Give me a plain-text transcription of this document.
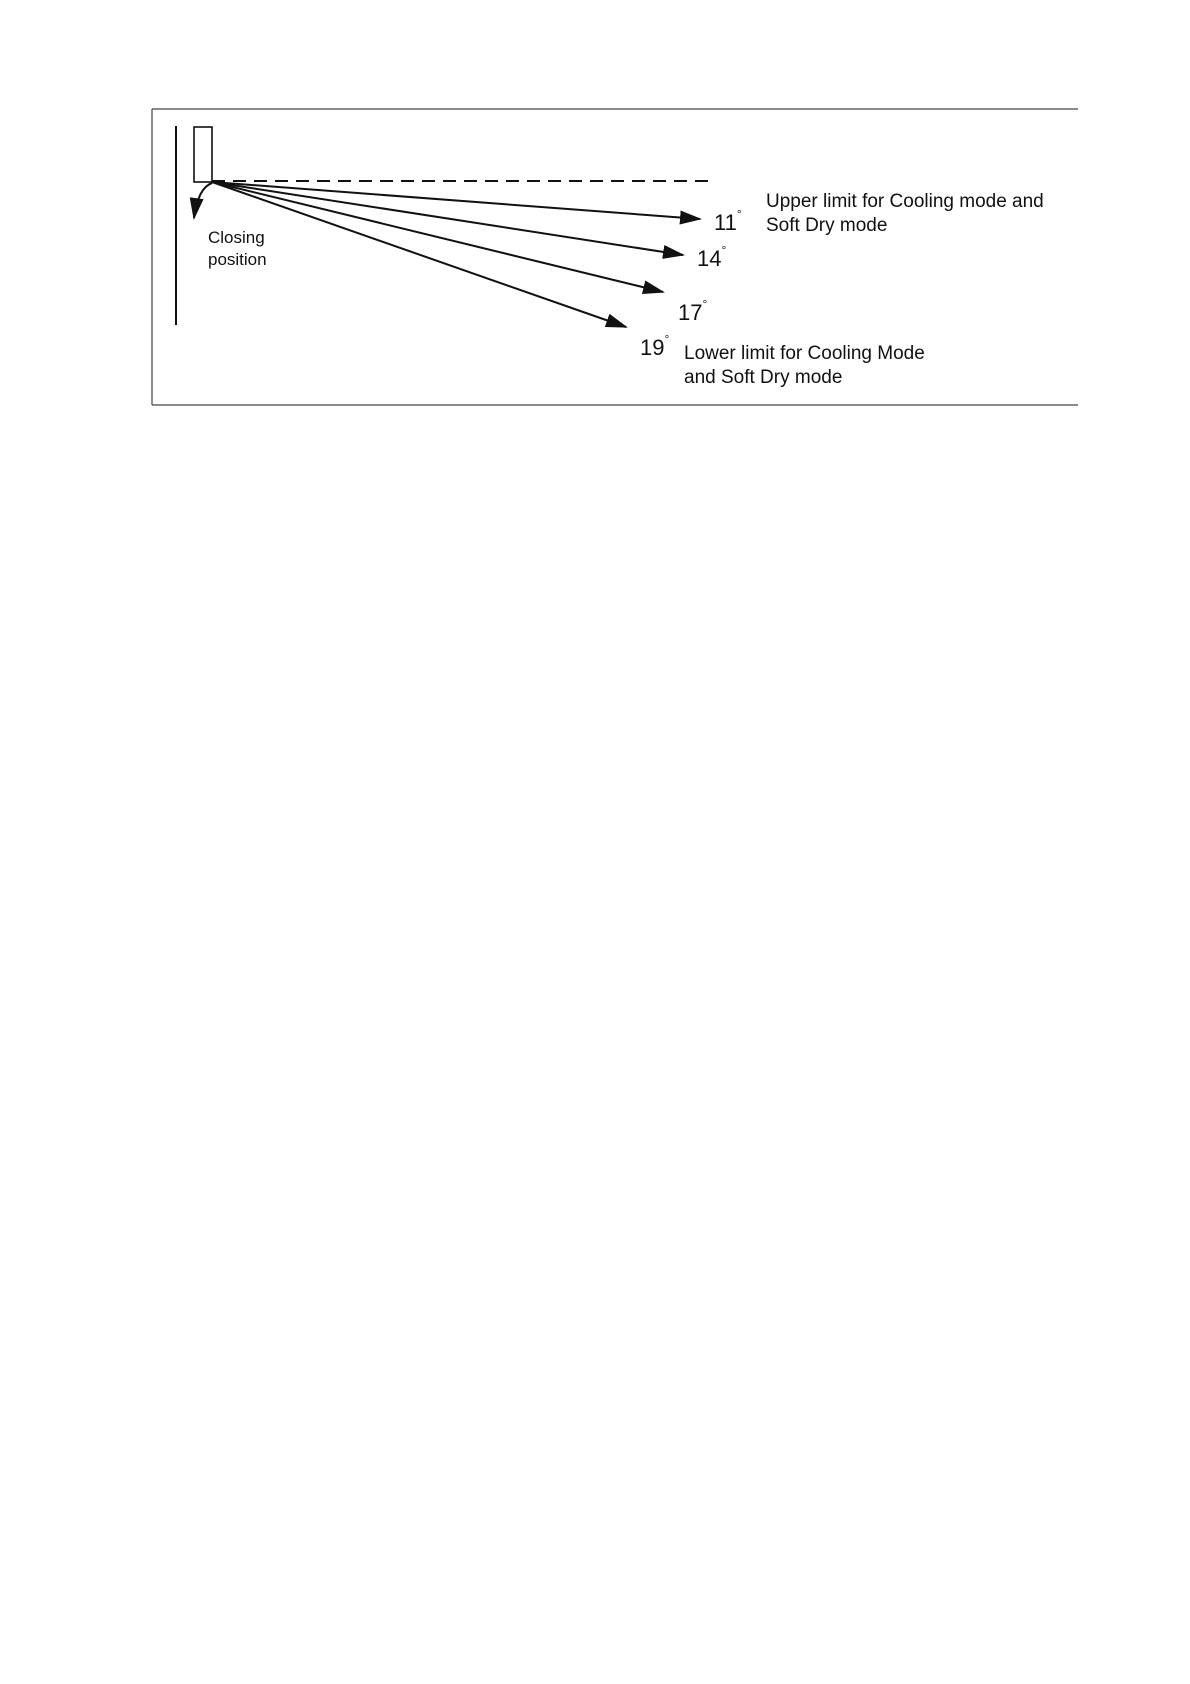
Closing position
11°
14°
17°
19°
Upper limit for Cooling mode and Soft Dry mode
Lower limit for Cooling Mode and Soft Dry mode
